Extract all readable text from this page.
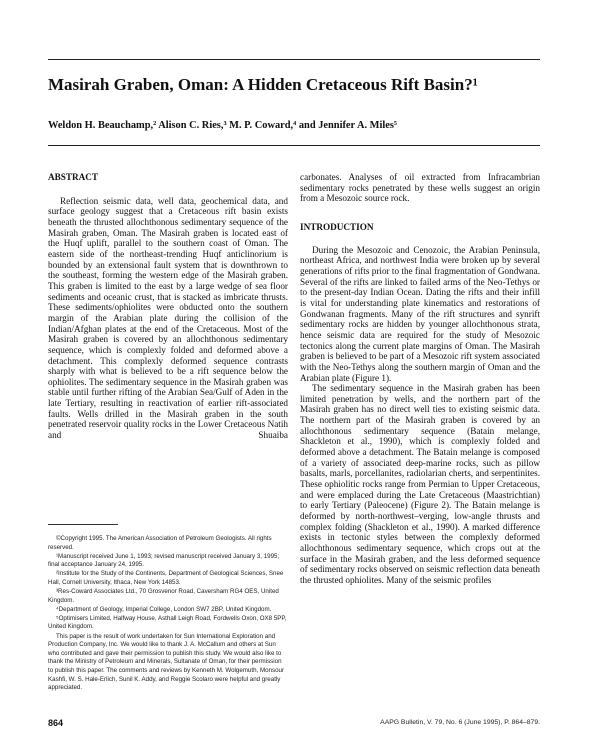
Masirah Graben, Oman: A Hidden Cretaceous Rift Basin?¹
Weldon H. Beauchamp,² Alison C. Ries,³ M. P. Coward,⁴ and Jennifer A. Miles⁵
ABSTRACT

Reflection seismic data, well data, geochemical data, and surface geology suggest that a Cretaceous rift basin exists beneath the thrusted allochthonous sedimentary sequence of the Masirah graben, Oman. The Masirah graben is located east of the Huqf uplift, parallel to the southern coast of Oman. The eastern side of the northeast-trending Huqf anticlinorium is bounded by an extensional fault system that is downthrown to the southeast, forming the western edge of the Masirah graben. This graben is limited to the east by a large wedge of sea floor sediments and oceanic crust, that is stacked as imbricate thrusts. These sediments/ophiolites were obducted onto the southern margin of the Arabian plate during the collision of the Indian/Afghan plates at the end of the Cretaceous. Most of the Masirah graben is covered by an allochthonous sedimentary sequence, which is complexly folded and deformed above a detachment. This complexly deformed sequence contrasts sharply with what is believed to be a rift sequence below the ophiolites. The sedimentary sequence in the Masirah graben was stable until further rifting of the Arabian Sea/Gulf of Aden in the late Tertiary, resulting in reactivation of earlier rift-associated faults. Wells drilled in the Masirah graben in the south penetrated reservoir quality rocks in the Lower Cretaceous Natih and Shuaiba

carbonates. Analyses of oil extracted from Infracambrian sedimentary rocks penetrated by these wells suggest an origin from a Mesozoic source rock.

INTRODUCTION

During the Mesozoic and Cenozoic, the Arabian Peninsula, northeast Africa, and northwest India were broken up by several generations of rifts prior to the final fragmentation of Gondwana. Several of the rifts are linked to failed arms of the Neo-Tethys or to the present-day Indian Ocean. Dating the rifts and their infill is vital for understanding plate kinematics and restorations of Gondwanan fragments. Many of the rift structures and synrift sedimentary rocks are hidden by younger allochthonous strata, hence seismic data are required for the study of Mesozoic tectonics along the current plate margins of Oman. The Masirah graben is believed to be part of a Mesozoic rift system associated with the Neo-Tethys along the southern margin of Oman and the Arabian plate (Figure 1).

The sedimentary sequence in the Masirah graben has been limited penetration by wells, and the northern part of the Masirah graben has no direct well ties to existing seismic data. The northern part of the Masirah graben is covered by an allochthonous sedimentary sequence (Batain melange, Shackleton et al., 1990), which is complexly folded and deformed above a detachment. The Batain melange is composed of a variety of associated deep-marine rocks, such as pillow basalts, marls, porcellanites, radiolarian cherts, and serpentinites. These ophiolitic rocks range from Permian to Upper Cretaceous, and were emplaced during the Late Cretaceous (Maastrichtian) to early Tertiary (Paleocene) (Figure 2). The Batain melange is deformed by north-northwest–verging, low-angle thrusts and complex folding (Shackleton et al., 1990). A marked difference exists in tectonic styles between the complexly deformed allochthonous sedimentary sequence, which crops out at the surface in the Masirah graben, and the less deformed sequence of sedimentary rocks observed on seismic reflection data beneath the thrusted ophiolites. Many of the seismic profiles

©Copyright 1995. The American Association of Petroleum Geologists. All rights reserved.

¹Manuscript received June 1, 1993; revised manuscript received January 3, 1995; final acceptance January 24, 1995.

²Institute for the Study of the Continents, Department of Geological Sciences, Snee Hall, Cornell University, Ithaca, New York 14853.

³Res-Coward Associates Ltd., 70 Grosvenor Road, Caversham RG4 OES, United Kingdom.

⁴Department of Geology, Imperial College, London SW7 2BP, United Kingdom.

⁵Optimisers Limited, Halfway House, Asthall Leigh Road, Fordwells Oxon, OX8 5PP, United Kingdom.

This paper is the result of work undertaken for Sun International Exploration and Production Company, Inc. We would like to thank J. A. McCallum and others at Sun who contributed and gave their permission to publish this study. We would also like to thank the Ministry of Petroleum and Minerals, Sultanate of Oman, for their permission to publish this paper. The comments and reviews by Kenneth M. Wolgemuth, Monsour Kashfi, W. S. Hale-Erlich, Sunil K. Addy, and Reggie Scolaro were helpful and greatly appreciated.

864	AAPG Bulletin, V. 79, No. 6 (June 1995), P. 864–879.
